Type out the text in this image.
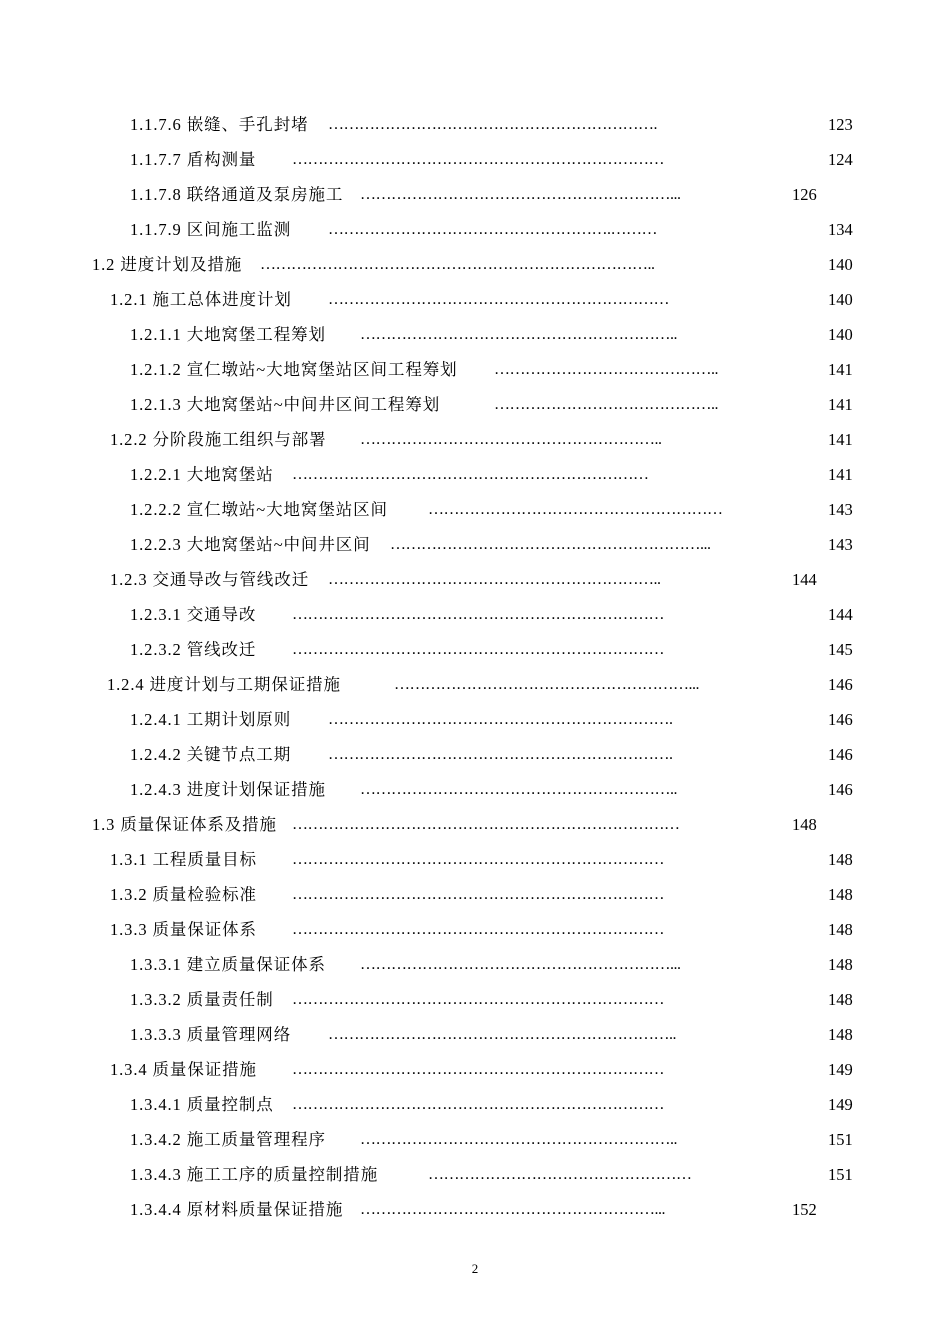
1.1.7.6 嵌缝、手孔封堵 ……………………………………………………….	123
1.1.7.7 盾构测量 ………………………………………………………………	124
1.1.7.8 联络通道及泵房施工 ……………………………………………………...	126
1.1.7.9 区间施工监测 ……………………………………………….………	134
1.2 进度计划及措施 …………………………………………………………………..	140
1.2.1 施工总体进度计划 …………………………………………………………	140
1.2.1.1 大地窝堡工程筹划 ……………………………………………………..	140
1.2.1.2 宣仁墩站~大地窝堡站区间工程筹划 ……………………………………..	141
1.2.1.3 大地窝堡站~中间井区间工程筹划	……………………………………..	141
1.2.2 分阶段施工组织与部署 …………………………………………………..	141
1.2.2.1 大地窝堡站 ……………………………………………………………	141
1.2.2.2 宣仁墩站~大地窝堡站区间	…………………………………………………	143
1.2.2.3 大地窝堡站~中间井区间 ……………………………………………………...	143
1.2.3 交通导改与管线改迁 ………………………………………………………..	144
1.2.3.1 交通导改 ………………………………………………………………	144
1.2.3.2 管线改迁 ………………………………………………………………	145
1.2.4 进度计划与工期保证措施	…………………………………………………...	146
1.2.4.1 工期计划原则 ………………………………………………………….	146
1.2.4.2 关键节点工期 ………………………………………………………….	146
1.2.4.3 进度计划保证措施 ……………………………………………………..	146
1.3 质量保证体系及措施 …………………………………………………………………	148
1.3.1 工程质量目标 ………………………………………………………………	148
1.3.2 质量检验标准 ………………………………………………………………	148
1.3.3 质量保证体系 ………………………………………………………………	148
1.3.3.1 建立质量保证体系 ……………………………………………………...	148
1.3.3.2 质量责任制 ………………………………………………………………	148
1.3.3.3 质量管理网络 …………………………………………………………..	148
1.3.4 质量保证措施 ………………………………………………………………	149
1.3.4.1 质量控制点 ………………………………………………………………	149
1.3.4.2 施工质量管理程序 ……………………………………………………..	151
1.3.4.3 施工工序的质量控制措施	……………………………………………	151
1.3.4.4 原材料质量保证措施 …………………………………………………...	152
2
